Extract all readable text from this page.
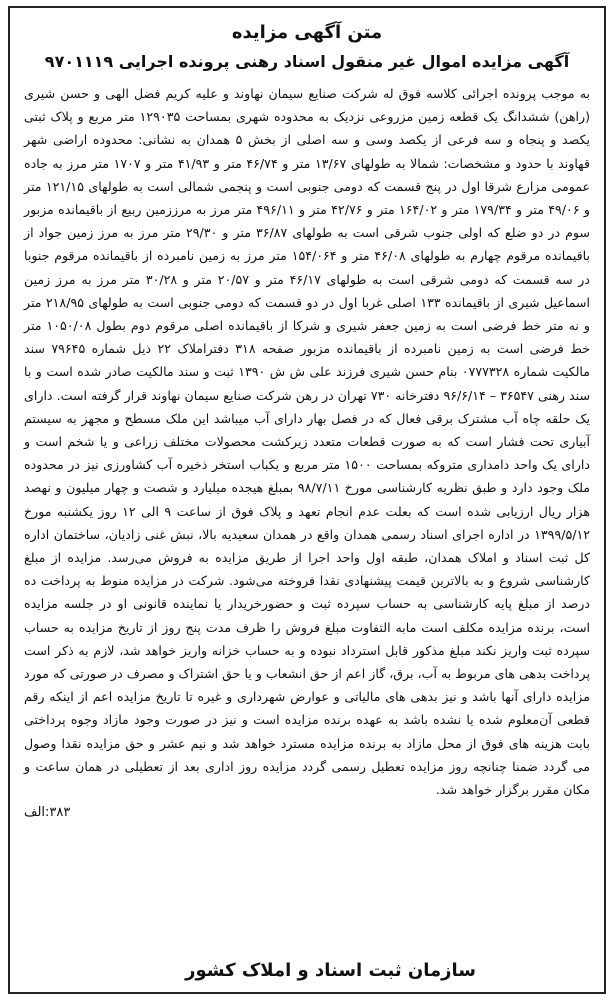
متن آگهی مزایده
آگهی مزایده اموال غیر منقول اسناد رهنی پرونده اجرایی ۹۷۰۱۱۱۹

به موجب پرونده اجرائی کلاسه فوق له شرکت صنایع سیمان نهاوند و علیه کریم فضل الهی و حسن شیری (راهن) ششدانگ یک قطعه زمین مزروعی نزدیک به محدوده شهری بمساحت ۱۲۹۰۳۵ متر مربع و پلاک ثبتی یکصد و پنجاه و سه فرعی از یکصد وسی و سه اصلی از بخش ۵ همدان به نشانی: محدوده اراضی شهر قهاوند با حدود و مشخصات: شمالا به طولهای ۱۳/۶۷ متر و ۴۶/۷۴ متر و ۴۱/۹۳ متر و ۱۷۰۷ متر مرز به جاده عمومی مزارع شرقا اول در پنج قسمت که دومی جنوبی است و پنجمی شمالی است به طولهای ۱۲۱/۱۵ متر و ۴۹/۰۶ متر و ۱۷۹/۳۴ متر و ۱۶۴/۰۲ متر و ۴۲/۷۶ متر و ۴۹۶/۱۱ متر مرز به مرززمین ربیع از باقیمانده مزبور سوم در دو ضلع که اولی جنوب شرقی است به طولهای ۳۶/۸۷ متر و ۲۹/۳۰ متر مرز به مرز زمین جواد از باقیمانده مرقوم چهارم به طولهای ۴۶/۰۸ متر و ۱۵۴/۰۶۴ متر مرز به زمین نامبرده از باقیمانده مرقوم جنوبا در سه قسمت که دومی شرقی است به طولهای ۴۶/۱۷ متر و ۲۰/۵۷ متر و ۳۰/۲۸ متر مرز به مرز زمین اسماعیل شیری از باقیمانده ۱۳۳ اصلی غربا اول در دو قسمت که دومی جنوبی است به طولهای ۲۱۸/۹۵ متر و نه متر خط فرضی است به زمین جعفر شیری و شرکا از باقیمانده اصلی مرقوم دوم بطول ۱۰۵۰/۰۸ متر خط فرضی است به زمین نامبرده از باقیمانده مزبور صفحه ۳۱۸ دفتراملاک ۲۲ ذیل شماره ۷۹۶۴۵ سند مالکیت شماره ۰۷۷۷۳۲۸ بنام حسن شیری فرزند علی ش ش ۱۳۹۰ ثبت و سند مالکیت صادر شده است و با سند رهنی ۳۶۵۴۷ – ۹۶/۶/۱۴ دفترخانه ۷۳۰ تهران در رهن شرکت صنایع سیمان نهاوند قرار گرفته است. دارای یک حلقه چاه آب مشترک برقی فعال که در فصل بهار دارای آب میباشد این ملک مسطح و مجهز به سیستم آبیاری تحت فشار است که به صورت قطعات متعدد زیرکشت محصولات مختلف زراعی و یا شخم است و دارای یک واحد دامداری متروکه بمساحت ۱۵۰۰ متر مربع و یکباب استخر ذخیره آب کشاورزی نیز در محدوده ملک وجود دارد و طبق نظریه کارشناسی مورخ ۹۸/۷/۱۱ بمبلغ هیجده میلیارد و شصت و چهار میلیون و نهصد هزار ریال ارزیابی شده است که بعلت عدم انجام تعهد و پلاک فوق از ساعت ۹ الی ۱۲ روز یکشنبه مورخ ۱۳۹۹/۵/۱۲ در اداره اجرای اسناد رسمی همدان واقع در همدان سعیدیه بالا، نبش غنی زادیان، ساختمان اداره کل ثبت اسناد و املاک همدان، طبقه اول واحد اجرا از طریق مزایده به فروش می‌رسد. مزایده از مبلغ کارشناسی شروع و به بالاترین قیمت پیشنهادی نقدا فروخته می‌شود. شرکت در مزایده منوط به پرداخت ده درصد از مبلغ پایه کارشناسی به حساب سپرده ثبت و حضورخریدار یا نماینده قانونی او در جلسه مزایده است، برنده مزایده مکلف است مابه التفاوت مبلغ فروش را ظرف مدت پنج روز از تاریخ مزایده به حساب سپرده ثبت واریز نکند مبلغ مذکور قابل استرداد نبوده و به حساب خزانه واریز خواهد شد، لازم به ذکر است پرداخت بدهی های مربوط به آب، برق، گاز اعم از حق انشعاب و یا حق اشتراک و مصرف در صورتی که مورد مزایده دارای آنها باشد و نیز بدهی های مالیاتی و عوارض شهرداری و غیره تا تاریخ مزایده اعم از اینکه رقم قطعی آن‌معلوم شده یا نشده باشد به عهده برنده مزایده است و نیز در صورت وجود مازاد وجوه پرداختی بابت هزینه های فوق از محل مازاد به برنده مزایده مسترد خواهد شد و نیم عشر و حق مزایده نقدا وصول می گردد ضمنا چنانچه روز مزایده تعطیل رسمی گردد مزایده روز اداری بعد از تعطیلی در همان ساعت و مکان مقرر برگزار خواهد شد.

۳۸۳:الف
سازمان ثبت اسناد و املاک کشور
